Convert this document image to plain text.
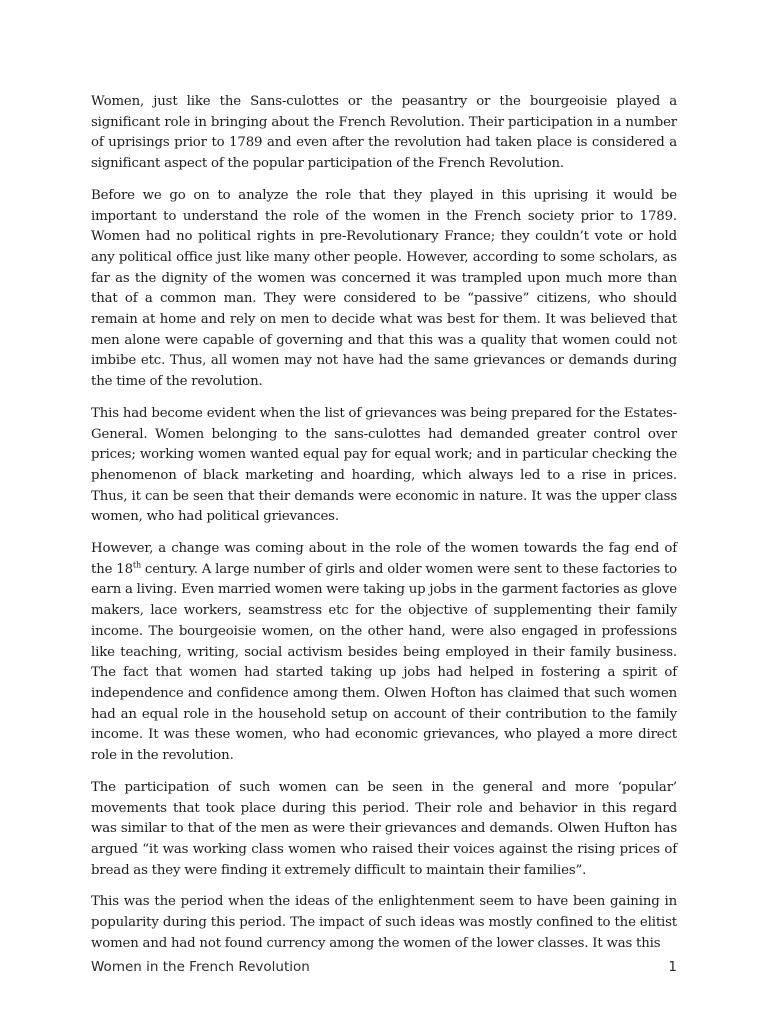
Women, just like the Sans-culottes or the peasantry or the bourgeoisie played a significant role in bringing about the French Revolution. Their participation in a number of uprisings prior to 1789 and even after the revolution had taken place is considered a significant aspect of the popular participation of the French Revolution.

Before we go on to analyze the role that they played in this uprising it would be important to understand the role of the women in the French society prior to 1789. Women had no political rights in pre-Revolutionary France; they couldn’t vote or hold any political office just like many other people. However, according to some scholars, as far as the dignity of the women was concerned it was trampled upon much more than that of a common man. They were considered to be “passive” citizens, who should remain at home and rely on men to decide what was best for them. It was believed that men alone were capable of governing and that this was a quality that women could not imbibe etc. Thus, all women may not have had the same grievances or demands during the time of the revolution.

This had become evident when the list of grievances was being prepared for the Estates-General. Women belonging to the sans-culottes had demanded greater control over prices; working women wanted equal pay for equal work; and in particular checking the phenomenon of black marketing and hoarding, which always led to a rise in prices. Thus, it can be seen that their demands were economic in nature. It was the upper class women, who had political grievances.

However, a change was coming about in the role of the women towards the fag end of the 18th century. A large number of girls and older women were sent to these factories to earn a living. Even married women were taking up jobs in the garment factories as glove makers, lace workers, seamstress etc for the objective of supplementing their family income. The bourgeoisie women, on the other hand, were also engaged in professions like teaching, writing, social activism besides being employed in their family business. The fact that women had started taking up jobs had helped in fostering a spirit of independence and confidence among them. Olwen Hofton has claimed that such women had an equal role in the household setup on account of their contribution to the family income. It was these women, who had economic grievances, who played a more direct role in the revolution.

The participation of such women can be seen in the general and more ‘popular’ movements that took place during this period. Their role and behavior in this regard was similar to that of the men as were their grievances and demands. Olwen Hufton has argued “it was working class women who raised their voices against the rising prices of bread as they were finding it extremely difficult to maintain their families”.

This was the period when the ideas of the enlightenment seem to have been gaining in popularity during this period. The impact of such ideas was mostly confined to the elitist women and had not found currency among the women of the lower classes. It was this

Women in the French Revolution	1
